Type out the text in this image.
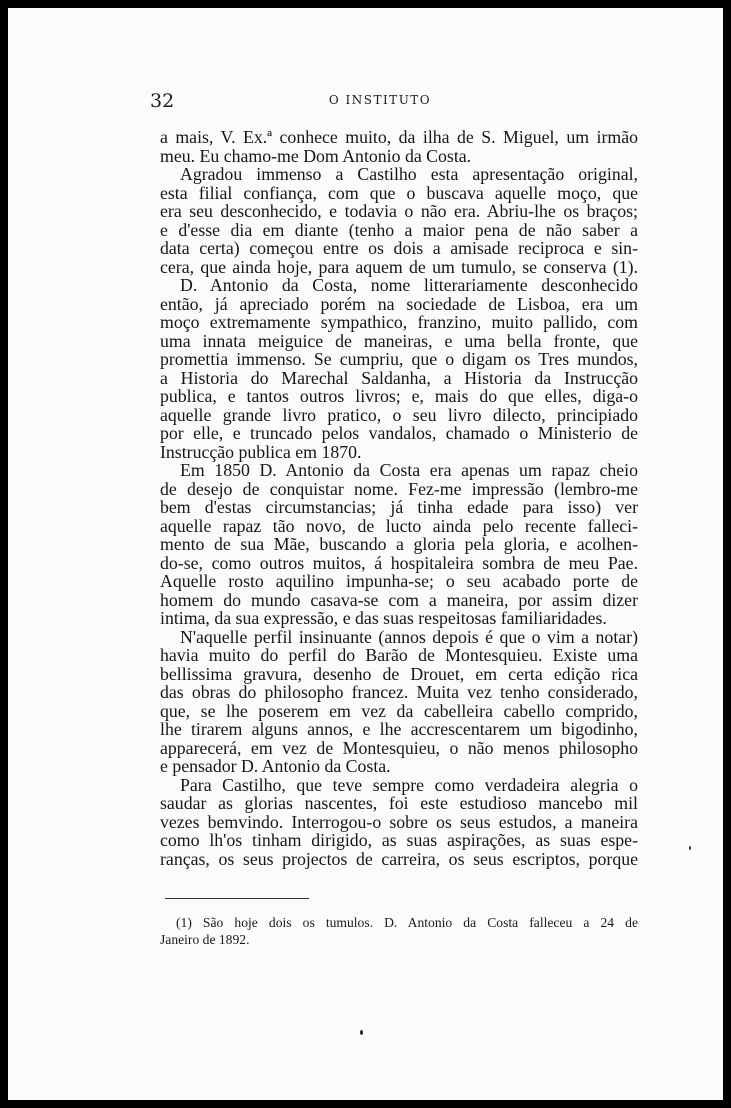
32	O INSTITUTO
a mais, V. Ex.ª conhece muito, da ilha de S. Miguel, um irmão
meu. Eu chamo-me Dom Antonio da Costa.
Agradou immenso a Castilho esta apresentação original,
esta filial confiança, com que o buscava aquelle moço, que
era seu desconhecido, e todavia o não era. Abriu-lhe os braços;
e d'esse dia em diante (tenho a maior pena de não saber a
data certa) começou entre os dois a amisade reciproca e sin-
cera, que ainda hoje, para aquem de um tumulo, se conserva (1).
D. Antonio da Costa, nome litterariamente desconhecido
então, já apreciado porém na sociedade de Lisboa, era um
moço extremamente sympathico, franzino, muito pallido, com
uma innata meiguice de maneiras, e uma bella fronte, que
promettia immenso. Se cumpriu, que o digam os Tres mundos,
a Historia do Marechal Saldanha, a Historia da Instrucção
publica, e tantos outros livros; e, mais do que elles, diga-o
aquelle grande livro pratico, o seu livro dilecto, principiado
por elle, e truncado pelos vandalos, chamado o Ministerio de
Instrucção publica em 1870.
Em 1850 D. Antonio da Costa era apenas um rapaz cheio
de desejo de conquistar nome. Fez-me impressão (lembro-me
bem d'estas circumstancias; já tinha edade para isso) ver
aquelle rapaz tão novo, de lucto ainda pelo recente falleci-
mento de sua Mãe, buscando a gloria pela gloria, e acolhen-
do-se, como outros muitos, á hospitaleira sombra de meu Pae.
Aquelle rosto aquilino impunha-se; o seu acabado porte de
homem do mundo casava-se com a maneira, por assim dizer
intima, da sua expressão, e das suas respeitosas familiaridades.
N'aquelle perfil insinuante (annos depois é que o vim a notar)
havia muito do perfil do Barão de Montesquieu. Existe uma
bellissima gravura, desenho de Drouet, em certa edição rica
das obras do philosopho francez. Muita vez tenho considerado,
que, se lhe poserem em vez da cabelleira cabello comprido,
lhe tirarem alguns annos, e lhe accrescentarem um bigodinho,
apparecerá, em vez de Montesquieu, o não menos philosopho
e pensador D. Antonio da Costa.
Para Castilho, que teve sempre como verdadeira alegria o
saudar as glorias nascentes, foi este estudioso mancebo mil
vezes bemvindo. Interrogou-o sobre os seus estudos, a maneira
como lh'os tinham dirigido, as suas aspirações, as suas espe-
ranças, os seus projectos de carreira, os seus escriptos, porque
(1) São hoje dois os tumulos. D. Antonio da Costa falleceu a 24 de
Janeiro de 1892.
